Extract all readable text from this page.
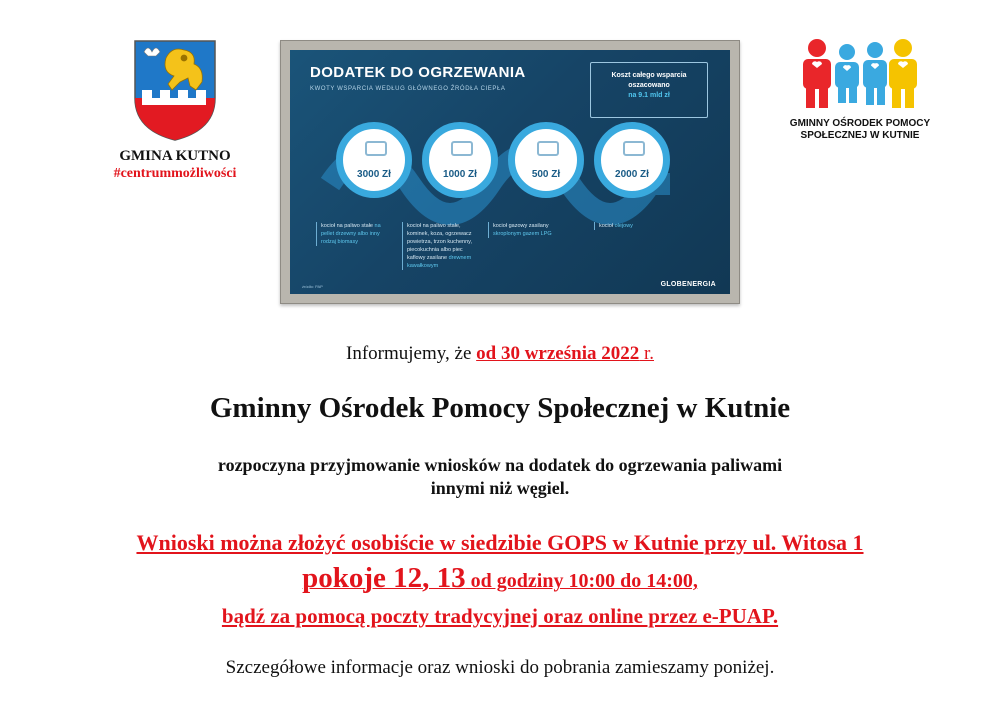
GMINA KUTNO
#centrummożliwości
DODATEK DO OGRZEWANIA
KWOTY WSPARCIA WEDŁUG GŁÓWNEGO ŹRÓDŁA CIEPŁA
Koszt całego wsparcia
oszacowano
na 9.1 mld zł
3000 Zł	1000 Zł	500 Zł	2000 Zł
kocioł na paliwo stałe na pellet drzewny albo inny rodzaj biomasy
kocioł na paliwo stałe, kominek, koza, ogrzewacz powietrza, trzon kuchenny, piecokuchnia albo piec kaflowy zasilane drewnem kawałkowym
kocioł gazowy zasilany skroplonym gazem LPG
kocioł olejowy
źródło: PAP	GLOBENERGIA
GMINNY OŚRODEK POMOCY
SPOŁECZNEJ W KUTNIE
Informujemy, że od 30 września 2022 r.
Gminny Ośrodek Pomocy Społecznej w Kutnie
rozpoczyna przyjmowanie wniosków na dodatek do ogrzewania paliwami
innymi niż węgiel.
Wnioski można złożyć osobiście w siedzibie GOPS w Kutnie przy ul. Witosa 1
pokoje 12, 13 od godziny 10:00 do 14:00,
bądź za pomocą poczty tradycyjnej oraz online przez e-PUAP.
Szczegółowe informacje oraz wnioski do pobrania zamieszamy poniżej.
